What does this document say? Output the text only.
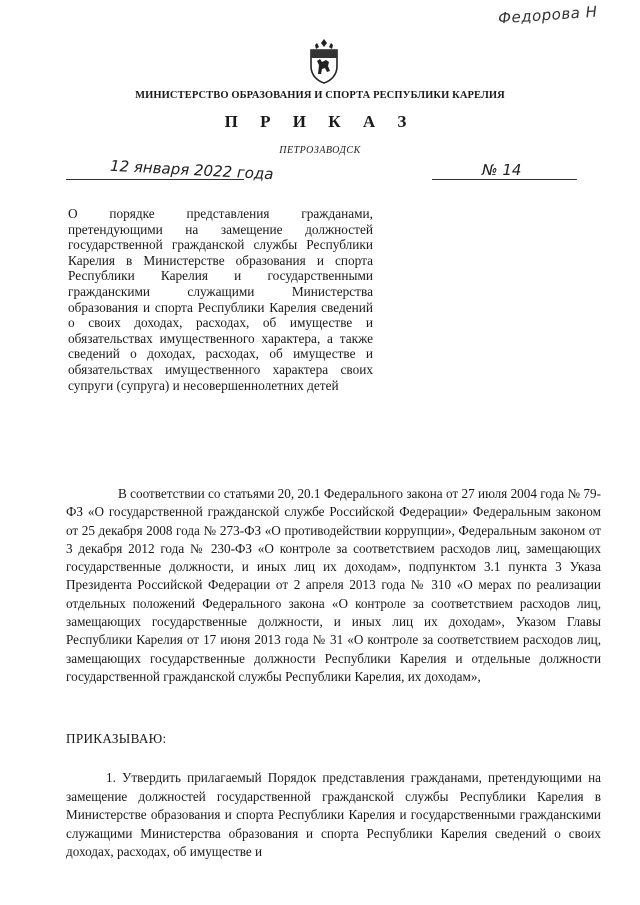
Федорова Н
МИНИСТЕРСТВО ОБРАЗОВАНИЯ И СПОРТА РЕСПУБЛИКИ КАРЕЛИЯ
П Р И К А З
ПЕТРОЗАВОДСК
12 января 2022 года	№ 14
О порядке представления гражданами, претендующими на замещение должностей государственной гражданской службы Республики Карелия в Министерстве образования и спорта Республики Карелия и государственными гражданскими служащими Министерства образования и спорта Республики Карелия сведений о своих доходах, расходах, об имуществе и обязательствах имущественного характера, а также сведений о доходах, расходах, об имуществе и обязательствах имущественного характера своих супруги (супруга) и несовершеннолетних детей
В соответствии со статьями 20, 20.1 Федерального закона от 27 июля 2004 года № 79-ФЗ «О государственной гражданской службе Российской Федерации» Федеральным законом от 25 декабря 2008 года № 273-ФЗ «О противодействии коррупции», Федеральным законом от 3 декабря 2012 года № 230-ФЗ «О контроле за соответствием расходов лиц, замещающих государственные должности, и иных лиц их доходам», подпунктом 3.1 пункта 3 Указа Президента Российской Федерации от 2 апреля 2013 года № 310 «О мерах по реализации отдельных положений Федерального закона «О контроле за соответствием расходов лиц, замещающих государственные должности, и иных лиц их доходам», Указом Главы Республики Карелия от 17 июня 2013 года № 31 «О контроле за соответствием расходов лиц, замещающих государственные должности Республики Карелия и отдельные должности государственной гражданской службы Республики Карелия, их доходам»,
ПРИКАЗЫВАЮ:
1. Утвердить прилагаемый Порядок представления гражданами, претендующими на замещение должностей государственной гражданской службы Республики Карелия в Министерстве образования и спорта Республики Карелия и государственными гражданскими служащими Министерства образования и спорта Республики Карелия сведений о своих доходах, расходах, об имуществе и
